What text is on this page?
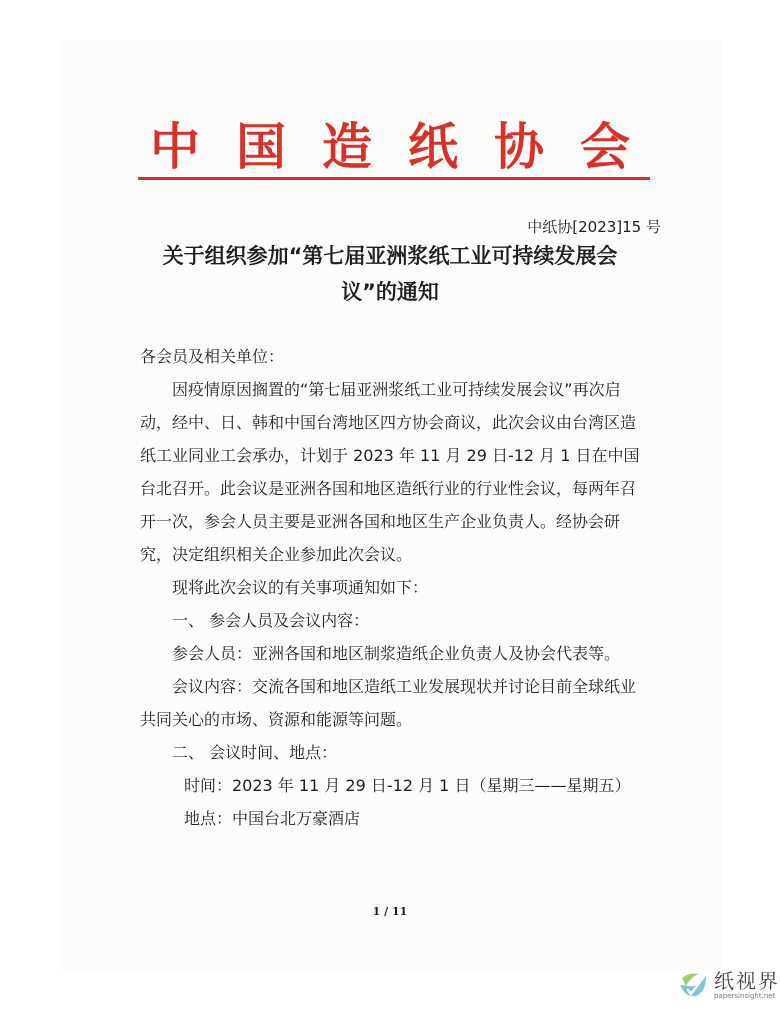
中 国 造 纸 协 会
中纸协[2023]15 号
关于组织参加“第七届亚洲浆纸工业可持续发展会
议”的通知

各会员及相关单位：

因疫情原因搁置的“第七届亚洲浆纸工业可持续发展会议”再次启动，经中、日、韩和中国台湾地区四方协会商议，此次会议由台湾区造纸工业同业工会承办，计划于 2023 年 11 月 29 日-12 月 1 日在中国台北召开。此会议是亚洲各国和地区造纸行业的行业性会议，每两年召开一次，参会人员主要是亚洲各国和地区生产企业负责人。经协会研究，决定组织相关企业参加此次会议。

现将此次会议的有关事项通知如下：

一、 参会人员及会议内容：

参会人员：亚洲各国和地区制浆造纸企业负责人及协会代表等。

会议内容：交流各国和地区造纸工业发展现状并讨论目前全球纸业共同关心的市场、资源和能源等问题。

二、 会议时间、地点：

时间：2023 年 11 月 29 日-12 月 1 日（星期三——星期五）

地点：中国台北万豪酒店

1 / 11
纸视界
papersinsight.net
